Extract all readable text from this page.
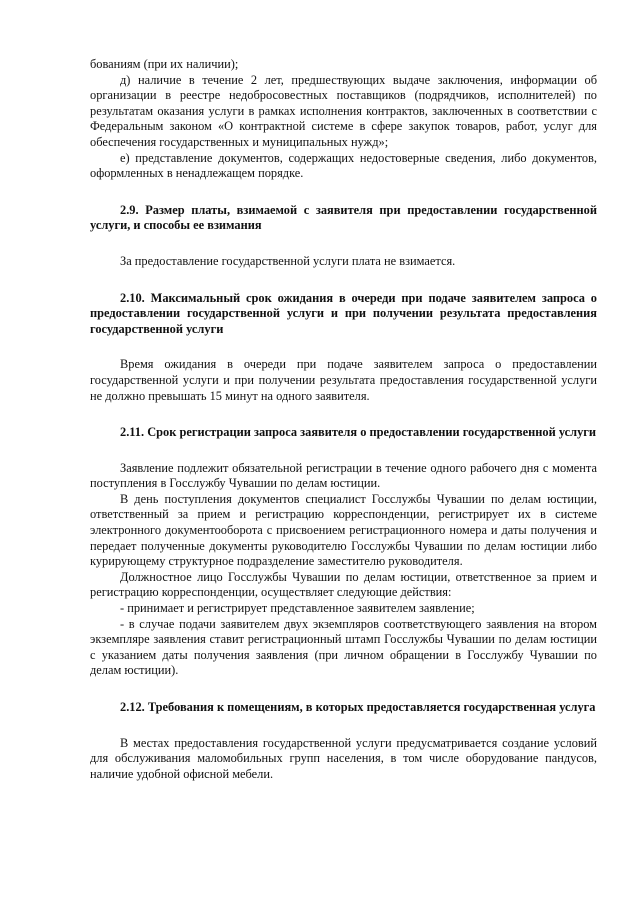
бованиям (при их наличии);

д) наличие в течение 2 лет, предшествующих выдаче заключения, информации об организации в реестре недобросовестных поставщиков (подрядчиков, исполнителей) по результатам оказания услуги в рамках исполнения контрактов, заключенных в соответствии с Федеральным законом «О контрактной системе в сфере закупок товаров, работ, услуг для обеспечения государственных и муниципальных нужд»;

е) представление документов, содержащих недостоверные сведения, либо документов, оформленных в ненадлежащем порядке.

2.9. Размер платы, взимаемой с заявителя при предоставлении государственной услуги, и способы ее взимания

За предоставление государственной услуги плата не взимается.

2.10. Максимальный срок ожидания в очереди при подаче заявителем запроса о предоставлении государственной услуги и при получении результата предоставления государственной услуги

Время ожидания в очереди при подаче заявителем запроса о предоставлении государственной услуги и при получении результата предоставления государственной услуги не должно превышать 15 минут на одного заявителя.

2.11. Срок регистрации запроса заявителя о предоставлении государственной услуги

Заявление подлежит обязательной регистрации в течение одного рабочего дня с момента поступления в Госслужбу Чувашии по делам юстиции.

В день поступления документов специалист Госслужбы Чувашии по делам юстиции, ответственный за прием и регистрацию корреспонденции, регистрирует их в системе электронного документооборота с присвоением регистрационного номера и даты получения и передает полученные документы руководителю Госслужбы Чувашии по делам юстиции либо курирующему структурное подразделение заместителю руководителя.

Должностное лицо Госслужбы Чувашии по делам юстиции, ответственное за прием и регистрацию корреспонденции, осуществляет следующие действия:

- принимает и регистрирует представленное заявителем заявление;

- в случае подачи заявителем двух экземпляров соответствующего заявления на втором экземпляре заявления ставит регистрационный штамп Госслужбы Чувашии по делам юстиции с указанием даты получения заявления (при личном обращении в Госслужбу Чувашии по делам юстиции).

2.12. Требования к помещениям, в которых предоставляется государственная услуга

В местах предоставления государственной услуги предусматривается создание условий для обслуживания маломобильных групп населения, в том числе оборудование пандусов, наличие удобной офисной мебели.
